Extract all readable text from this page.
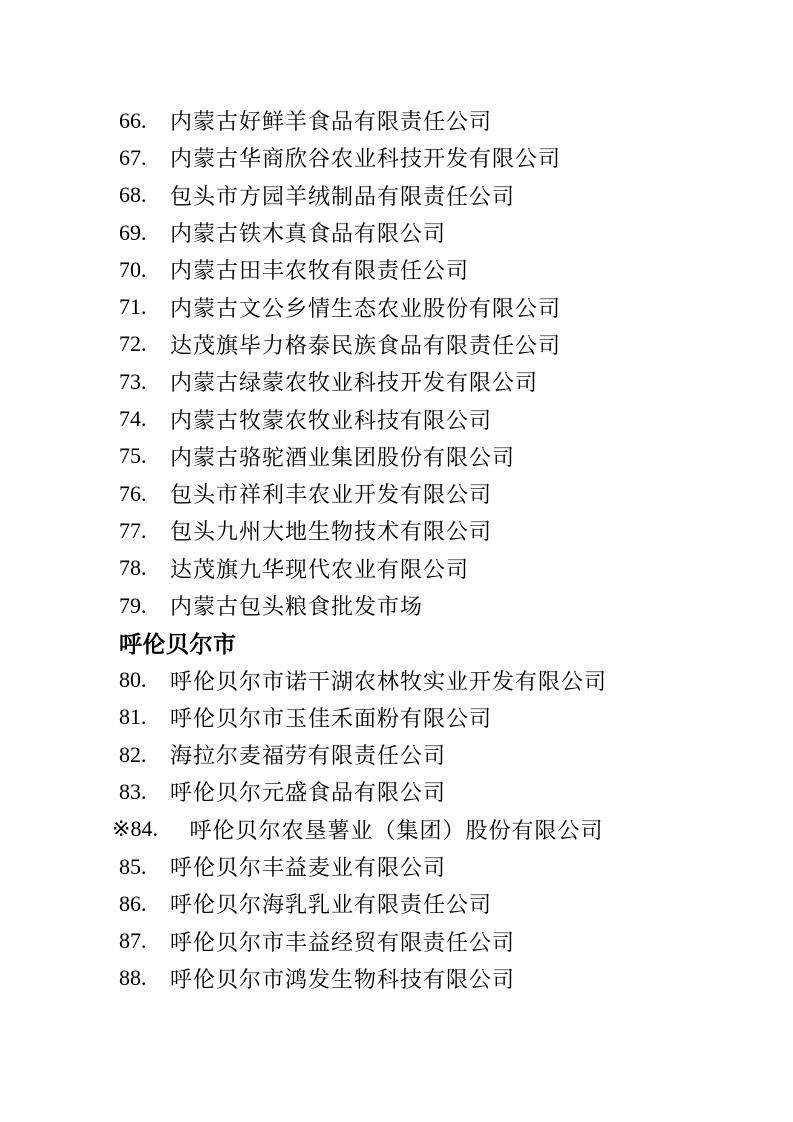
66.	内蒙古好鲜羊食品有限责任公司
67.	内蒙古华商欣谷农业科技开发有限公司
68.	包头市方园羊绒制品有限责任公司
69.	内蒙古铁木真食品有限公司
70.	内蒙古田丰农牧有限责任公司
71.	内蒙古文公乡情生态农业股份有限公司
72.	达茂旗毕力格泰民族食品有限责任公司
73.	内蒙古绿蒙农牧业科技开发有限公司
74.	内蒙古牧蒙农牧业科技有限公司
75.	内蒙古骆驼酒业集团股份有限公司
76.	包头市祥利丰农业开发有限公司
77.	包头九州大地生物技术有限公司
78.	达茂旗九华现代农业有限公司
79.	内蒙古包头粮食批发市场
呼伦贝尔市
80.	呼伦贝尔市诺干湖农林牧实业开发有限公司
81.	呼伦贝尔市玉佳禾面粉有限公司
82.	海拉尔麦福劳有限责任公司
83.	呼伦贝尔元盛食品有限公司
※ 84.	呼伦贝尔农垦薯业（集团）股份有限公司
85.	呼伦贝尔丰益麦业有限公司
86.	呼伦贝尔海乳乳业有限责任公司
87.	呼伦贝尔市丰益经贸有限责任公司
88.	呼伦贝尔市鸿发生物科技有限公司
